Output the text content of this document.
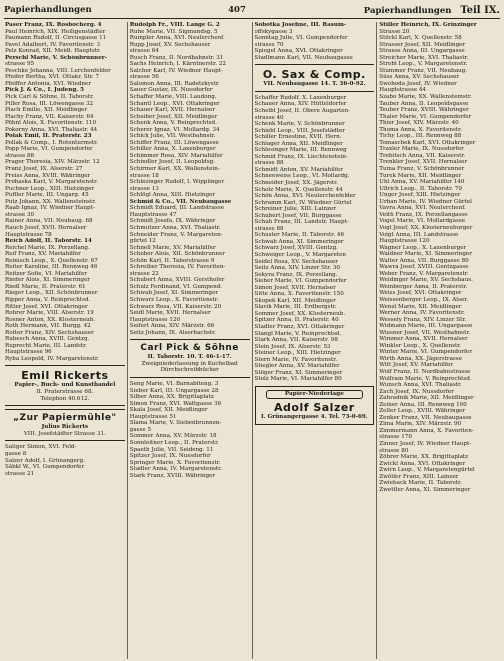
Papierhandlungen	407	Papierhandlungen Teil IX.
Paser Franz, IX. Rosbocherg. 4
Paul Heinrich, XIX. Heiligenstädter
Paumann Rudolf, II. Circusgasse 11
Pavel Adalbert, IV. Favoritenstr. 3
Pelz Konrad, XII. Meidl. Hauptstr.
Perschl Marie, V. Schönbrunner-
strasse 95
Peschke Johanna, VIII. Lerchenfelder
Pfeifer Bertha, XVI. Ottakr. Str. 7
Pfeiffer Antonia, XVI. Wiedner
Pick J. & Co., I. Judeng. 5
Pick Carl & Söhne, II. Taborstr.
Piller Rosa, III. Löwengasse 32
Plach Emilie, XII. Meidlinger
Plachy Franz, VII. Kaiserstr. 64
Pöhnl Alois, X. Favoritenstr. 110
Pokorny Anna, XVI. Thaliastr. 44
Polak Emil, II. Praterstr. 23
Pollak & Comp., I. Rotenturmstr.
Popp Marie, VI. Gumpendorfer
strasse 88
Prager Theresia, XIV. Märzstr. 12
Pranz Josef, IX. Alserstr. 27
Preiss Anna, XVIII. Währinger
Prohaska Karl, V. Margaretenstr.
Puchner Leop., XIII. Hietzinger
Puffler Marie, III. Ungarg. 45
Putz Johann, XX. Wallensteinstr.
Raab Ignaz, IV. Wiedner Haupt-
strasse 30
Rainer Anna, VII. Neubaug. 68
Rauch Josef, XVII. Hernalser
Hauptstrasse 78
Reich Adolf, II. Taborstr. 14
Reichel Marie, IX. Porzellang.
Reif Franz, XV. Mariahilfer
Reinisch Leop., X. Quellenstr. 67
Reiter Karoline, III. Rennweg 46
Reitzer Sofie, VI. Mariahilfer
Rieder Alois, XI. Simmeringer
Riedl Marie, II. Praterstr. 61
Rieger Leop., XII. Schönbrunner
Ripper Anna, V. Reinprechtsd.
Ritter Josef, XVI. Ottakringer
Rohrer Marie, VIII. Alserstr. 19
Rosner Anton, XX. Klosterneub.
Roth Hermann, VII. Burgg. 42
Rotter Franz, XIV. Sechshauser
Rubesch Anna, XVIII. Gentzg.
Ruprecht Marie, III. Landstr.
Hauptstrasse 96
Ryba Leopold, IV. Margaretenstr.
Emil Rickerts
Papier-, Buch- und Kunsthandel
II. Praterstrasse 68.
Telephon 40.612.
„Zur Papiermühle"
Julius Rickerts
VIII. Josefstädter Strasse 31.
Saliger Simon, XVI. Feld-
gasse 8
Salzer Adolf, I. Grünangerg.
Säbkl W., VI. Gumpendorfer
strasse 21
Rudolph Fr., VIII. Lange G. 2
Ruhe Marie, VII. Sigmundsg. 5
Rumpler Anna, XVI. Neulerchenf.
Rupp Josef, XV. Sechshauser
strasse 64
Rusch Franz, II. Nordbahnstr. 31
Sachs Heinrich, I. Kärntnerstr. 22
Salcher Karl, IV. Wiedner Haupt-
strasse 56
Salomon Anna, III. Radetzkystr.
Sauer Gustav, IX. Nussdorfer
Schaffer Marie, VIII. Laudong.
Schantl Leop., XVI. Ottakringer
Schauer Karl, XVII. Hernalser
Scheiber Josef, XII. Meidlinger
Schenk Anna, V. Reinprechtsd.
Scherer Ignaz, VI. Mollardg. 34
Schick Julie, VII. Westbahnstr.
Schiffer Franz, III. Löwengasse
Schiller Anna, X. Laxenburger
Schimmer Rosa, XIV. Mariahilfer
Schindler Josef, II. Leopoldsg.
Schirmer Karl, XX. Wallenstein-
strasse 18
Schlesinger Rudolf, I. Wipplinger
strasse 13
Schlögl Anna, XIII. Hietzinger
Schmid & Co., VII. Neubaugasse
Schmidt Eduard, III. Landstrasse
Hauptstrasse 47
Schmidt Josefa, IX. Währinger
Schmutzer Anna, XVI. Thaliastr.
Schneider Franz, V. Margareten-
gürtel 12
Schnell Marie, XV. Mariahilfer
Schober Alois, XII. Schönbrunner
Schön Karl, II. Taborstrasse 9
Schreiber Theresia, IV. Favoriten-
strasse 22
Schubert Anna, XVIII. Gersthofer
Schulz Ferdinand, VI. Gumpend.
Schwab Josef, XI. Simmeringer
Schwarz Leop., X. Favoritenstr.
Schwarz Rosa, VII. Kaiserstr. 20
Seidl Marie, XVII. Hernalser
Hauptstrasse 120
Seifert Anna, XIV. Märzstr. 66
Seitz Johann, IX. Alserbachstr.
Carl Pick & Söhne
II. Taborstr. 10. T. 46-1-17.
Zweigniederlassung in Kuchelbad
Dürchschreibbücher
Seng Marie, VI. Barnabiteng. 3
Sieber Karl, III. Ungargasse 28
Silber Anna, XX. Brigittaplatz
Simon Franz, XVI. Wattgasse 36
Skala Josef, XII. Meidlinger
Hauptstrasse 51
Slama Marie, V. Siebenbrunnen-
gasse 5
Sommer Anna, XV. Märzstr. 18
Sonnleitner Leop., II. Praterstr.
Spaeth Julie, VII. Seideng. 11
Spitzer Josef, IX. Nussdorfer
Springer Marie, X. Favoritenstr.
Stadler Anna, IV. Margaretenstr.
Stark Franz, XVIII. Währinger
Sobotka Josefine, III. Rasum-
offskygasse 3
Sonntag Julie, VI. Gumpendorfer
strasse 70
Spiegel Anna, XVI. Ottakringer
Stadlmann Karl, VII. Neubaugasse
O. Sax & Comp.
VII. Neubaugasse 14. T. 36-0-92.
Schaffer Rudolf, X. Laxenburger
Schauer Anna, XIV. Hütteldorfer
Scheibl Josef, II. Obere Augarten-
strasse 40
Schenk Marie, V. Schönbrunner
Schiebl Leop., VIII. Josefstädter
Schiller Ernestine, XVII. Hern.
Schlager Anna, XII. Meidlinger
Schlesinger Marie, III. Rennweg
Schmid Franz, IX. Liechtenstein-
strasse 88
Schmidt Anton, XV. Mariahilfer
Schneeweiss Leop., VI. Mollardg.
Schneider Josef, XX. Jägerstr.
Scholz Marie, X. Quellenstr. 44
Schön Anna, XVI. Neulerchenfelder
Schramm Karl, IV. Wiedner Gürtel
Schreiner Julie, XIII. Lainzer
Schubert Josef, VII. Burggasse
Schuh Franz, III. Landstr. Haupt-
strasse 88
Schuster Marie, II. Taborstr. 46
Schwab Anna, XI. Simmeringer
Schwarz Josef, XVIII. Gentzg.
Schweiger Leop., V. Margareten
Seidel Rosa, XV. Sechshauser
Seitz Anna, XIV. Linzer Str. 30
Sekyra Franz, IX. Porzellang.
Sieber Marie, VI. Gumpendorfer
Simon Josef, XVII. Hernalser
Sitte Anna, X. Favoritenstr. 150
Skopek Karl, XII. Meidlinger
Slavik Marie, III. Erdbergstr.
Sommer Josef, XX. Klosterneub.
Spitzer Anna, II. Praterstr. 40
Stadler Franz, XVI. Ottakringer
Stangl Marie, V. Reinprechtsd.
Stark Anna, VII. Kaiserstr. 98
Stein Josef, IX. Alserstr. 53
Steiner Leop., XIII. Hietzinger
Stern Marie, IV. Favoritenstr.
Stiegler Anna, XV. Mariahilfer
Stöger Franz, XI. Simmeringer
Stolz Marie, VI. Mariahilfer 80
Papier-Niederlage
Adolf Salzer
I. Grünangergasse 4. Tel. 73-0-69.
Stiller Heinrich, IX. Grinzinger
Strasse 20
Stöckl Karl, X. Quellenstr. 58
Strasser Josef, XII. Meidlinger
Strauss Anna, III. Ungargasse
Streicher Marie, XVI. Thaliastr.
Strobl Leop., V. Margaretenstr.
Stummer Franz, VII. Neubaug.
Süss Anna, XV. Sechshauser
Swoboda Josef, IV. Wiedner
Hauptstrasse 44
Szabo Marie, XX. Wallensteinstr.
Tauber Anna, II. Leopoldsgasse
Teuber Franz, XVIII. Währinger
Thaler Marie, VI. Gumpendorfer
Thier Josef, XIV. Märzstr. 40
Thoma Anna, X. Favoritenstr.
Tichy Leop., III. Rennweg 88
Tomaschek Karl, XVI. Ottakringer
Traxler Marie, IX. Nussdorfer
Trebitsch Anna, VII. Kaiserstr.
Trenkler Josef, XVII. Hernalser
Tuma Franz, V. Schönbrunner
Turek Marie, XII. Meidlinger
Uhl Anna, XV. Mariahilfer 140
Ullrich Leop., II. Taborstr. 70
Unger Josef, XIII. Hietzinger
Urban Marie, IV. Wiedner Gürtel
Vavra Anna, XVI. Neulerchenf.
Veith Franz, IX. Porzellangasse
Vogel Marie, VI. Mollardgasse
Vogl Josef, XX. Klosterneuburger
Voigt Anna, III. Landstrasse
Hauptstrasse 120
Wagner Leop., X. Laxenburger
Waldner Marie, XI. Simmeringer
Walter Anna, VII. Burggasse 80
Wawra Josef, XVIII. Gentzgasse
Weber Franz, V. Margaretenstr.
Weidinger Marie, XV. Sechshaus.
Weinberger Anna, II. Praterstr.
Weiss Josef, XVI. Ottakringer
Weissenberger Leop., IX. Alser.
Wenzl Marie, XII. Meidlinger
Werner Anna, IV. Favoritenstr.
Wessely Franz, XIV. Linzer Str.
Widmann Marie, III. Ungargasse
Wiesner Josef, VII. Westbahnstr.
Wimmer Anna, XVII. Hernalser
Winkler Leop., X. Quellenstr.
Winter Marie, VI. Gumpendorfer
Wirth Anna, XX. Jägerstrasse
Witt Josef, XV. Mariahilfer
Wolf Franz, II. Nordbahnstrasse
Wolfram Marie, V. Reinprechtsd.
Wunsch Anna, XVI. Thaliastr.
Zach Josef, IX. Nussdorfer
Zahradnik Marie, XII. Meidlinger
Zeiner Anna, III. Rennweg 100
Zeller Leop., XVIII. Währinger
Zenker Franz, VII. Neubaugasse
Zima Marie, XIV. Märzstr. 90
Zimmermann Anna, X. Favoriten-
strasse 170
Zinner Josef, IV. Wiedner Haupt-
strasse 80
Zöhrer Marie, XX. Brigittaplatz
Zwickl Anna, XVI. Ottakringer
Zwirn Leop., V. Margaretengürtel
Zwölfer Franz, XIII. Lainzer
Zwieback Marie, II. Taborstr.
Zwettler Anna, XI. Simmeringer
